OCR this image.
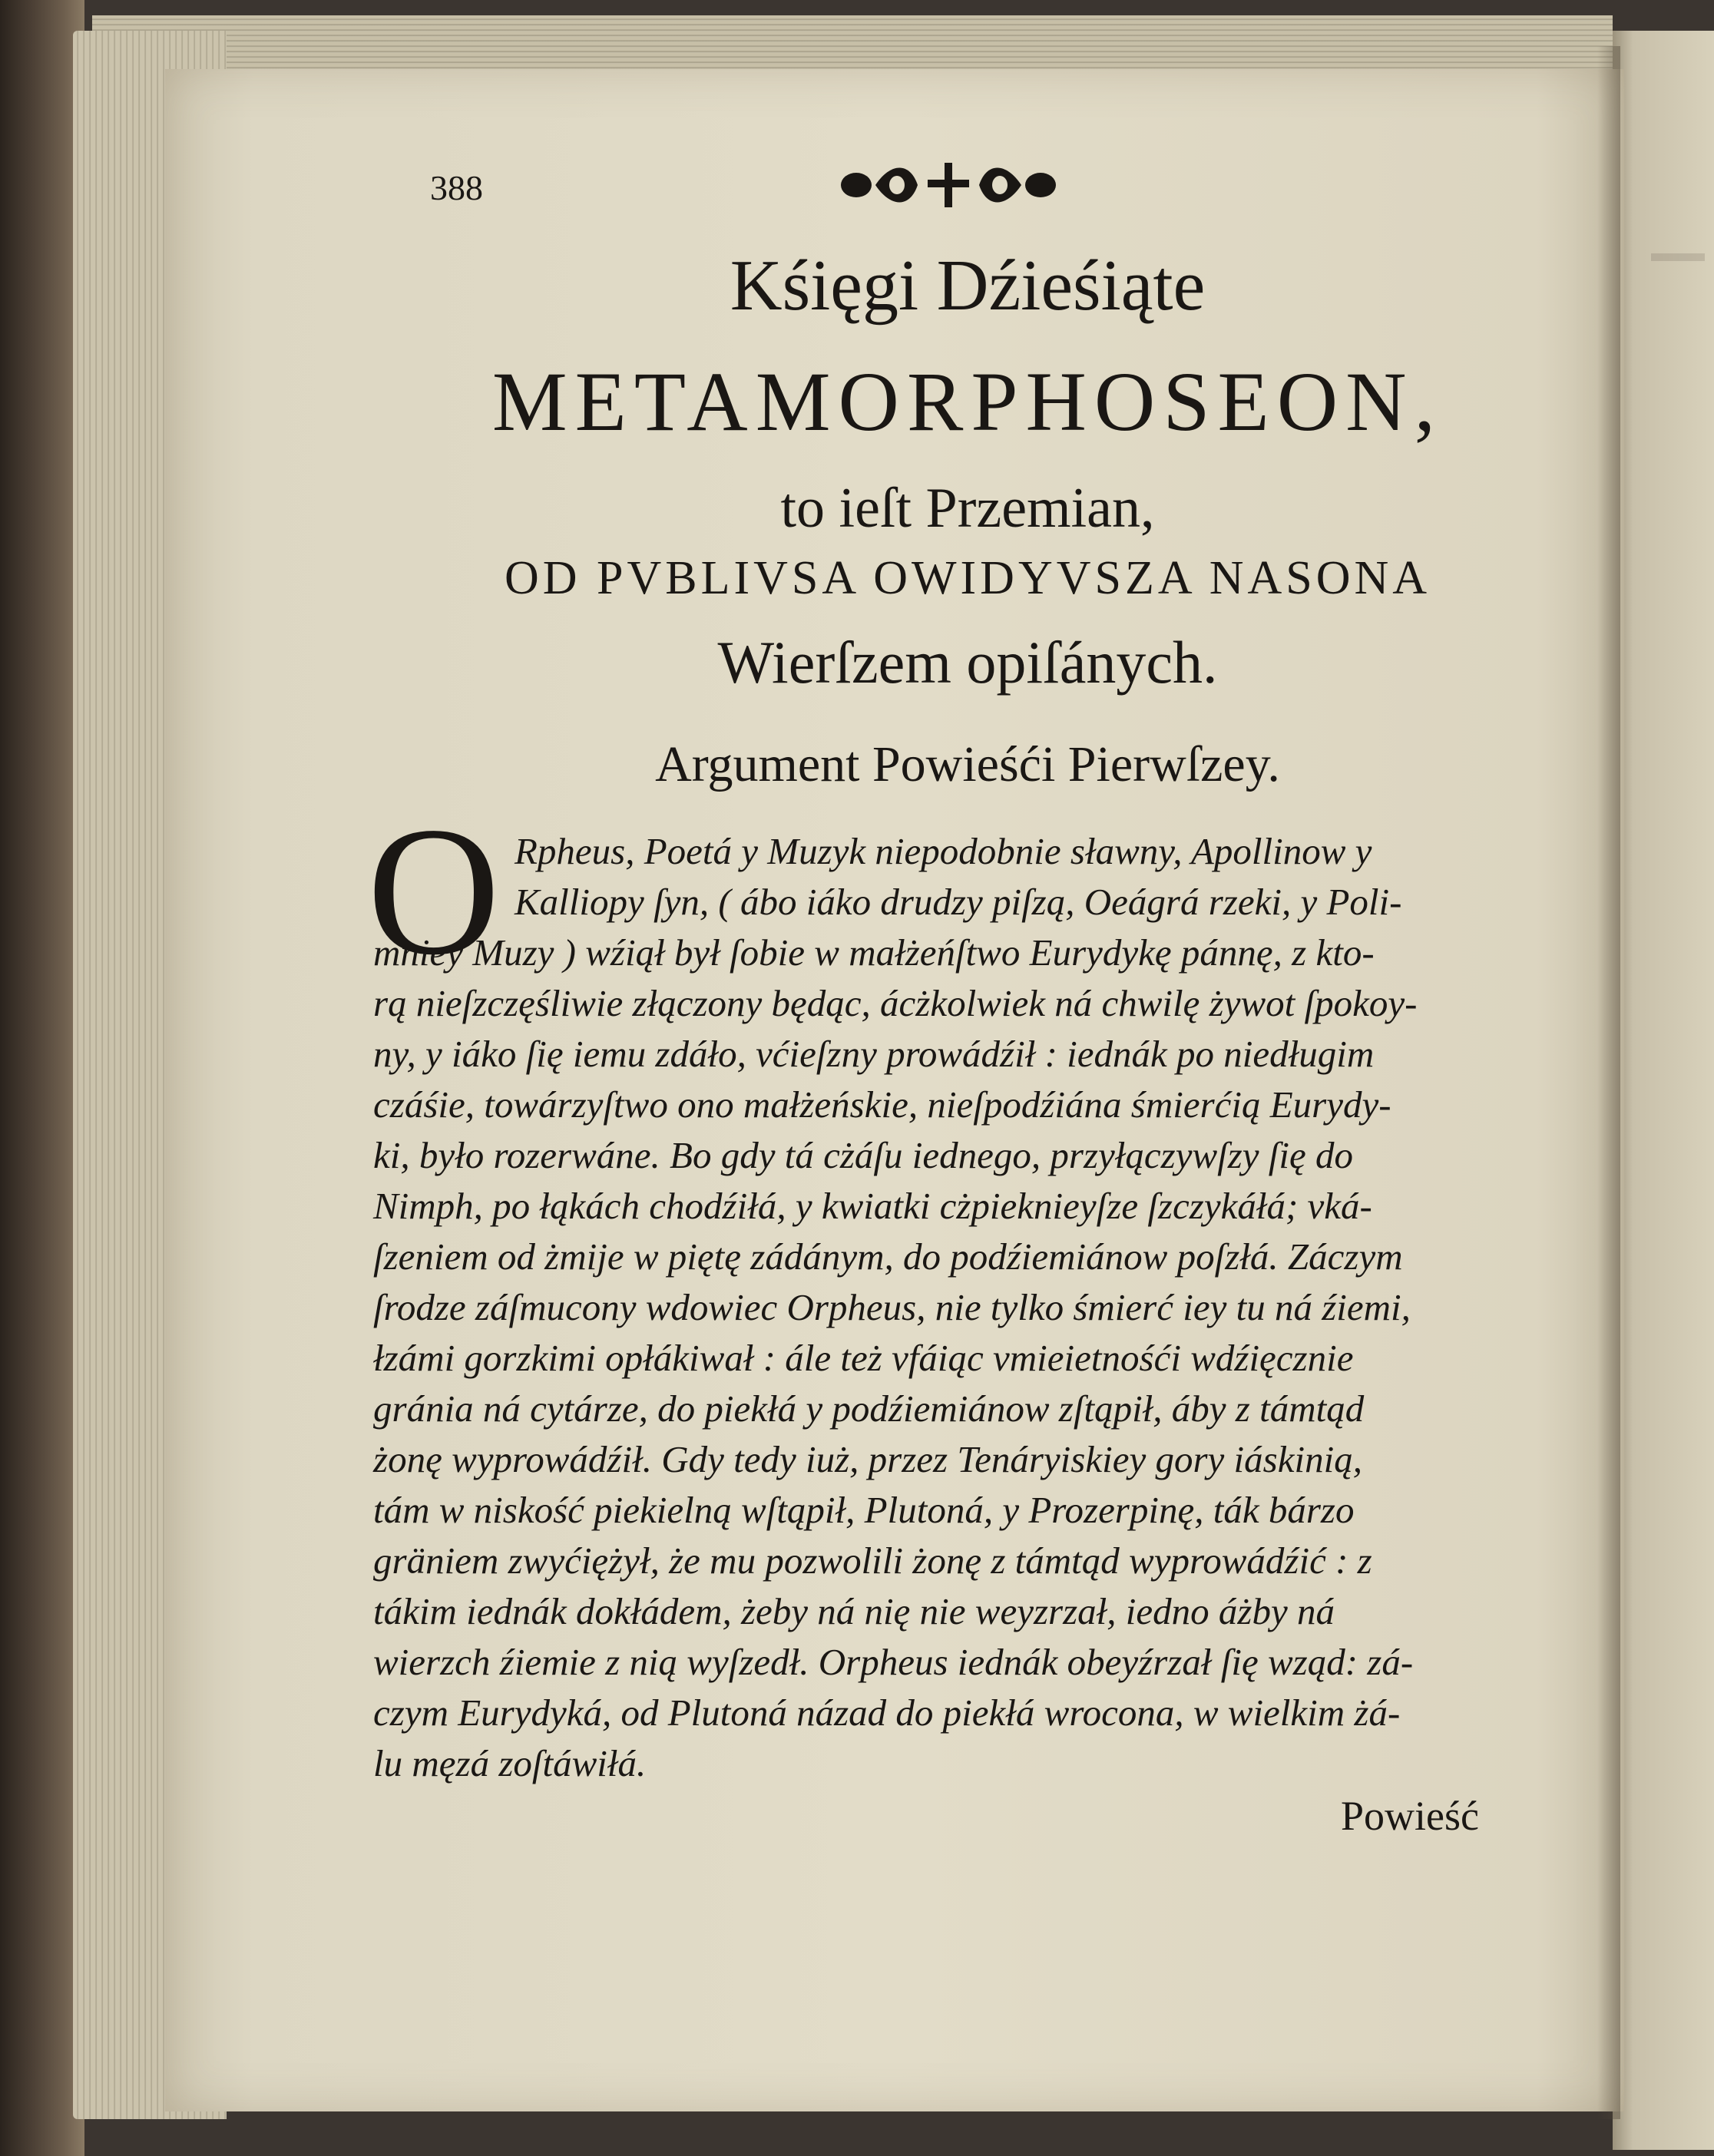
388
Kśięgi Dźieśiąte
METAMORPHOSEON,
to ieſt Przemian,
OD PVBLIVSA OWIDYVSZA NASONA
Wierſzem opiſánych.
Argument Powieśći Pierwſzey.
O Rpheus, Poetá y Muzyk niepodobnie sławny, Apollinow y
Kalliopy ſyn, ( ábo iáko drudzy piſzą, Oeágrá rzeki, y Poli-
mniey Muzy ) wźiął był ſobie w małżeńſtwo Eurydykę pánnę, z kto-
rą nieſzczęśliwie złączony będąc, ácżkolwiek ná chwilę żywot ſpokoy-
ny, y iáko ſię iemu zdáło, vćieſzny prowádźił : iednák po niedługim
czáśie, towárzyſtwo ono małżeńskie, nieſpodźiána śmierćią Eurydy-
ki, było rozerwáne. Bo gdy tá cżáſu iednego, przyłączywſzy ſię do
Nimph, po łąkách chodźiłá, y kwiatki cżpieknieyſze ſzczykáłá; vká-
ſzeniem od żmije w piętę zádánym, do podźiemiánow poſzłá. Záczym
ſrodze záſmucony wdowiec Orpheus, nie tylko śmierć iey tu ná źiemi,
łzámi gorzkimi opłákiwał : ále też vfáiąc vmieietnośći wdźięcznie
gránia ná cytárze, do piekłá y podźiemiánow zſtąpił, áby z támtąd
żonę wyprowádźił. Gdy tedy iuż, przez Tenáryiskiey gory iáskinią,
tám w niskość piekielną wſtąpił, Plutoná, y Prozerpinę, ták bárzo
gräniem zwyćiężył, że mu pozwolili żonę z támtąd wyprowádźić : z
tákim iednák dokłádem, żeby ná nię nie weyzrzał, iedno áżby ná
wierzch źiemie z nią wyſzedł. Orpheus iednák obeyźrzał ſię wząd: zá-
czym Eurydyká, od Plutoná názad do piekłá wrocona, w wielkim żá-
lu męzá zoſtáwiłá.
Powieść
